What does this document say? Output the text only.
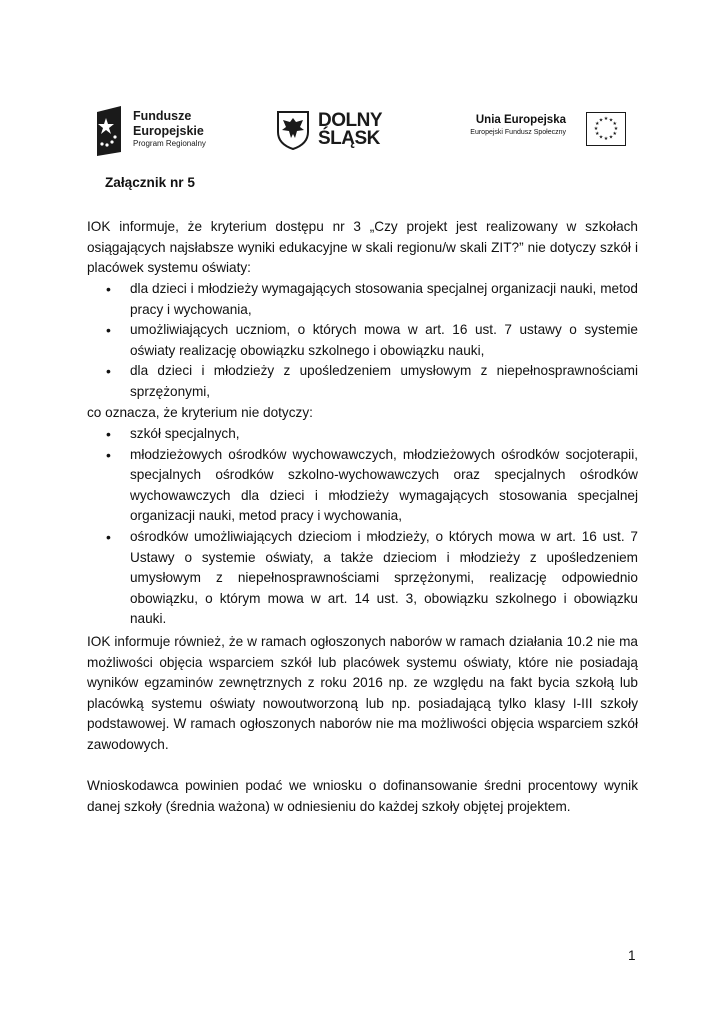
Fundusze
Europejskie
Program Regionalny
DOLNY
ŚLĄSK
Unia Europejska
Europejski Fundusz Społeczny
★ ★
★
★
★
★
★
★
★
★
★
★
Załącznik nr 5
IOK informuje, że kryterium dostępu nr 3 „Czy projekt jest realizowany w szkołach osiągających najsłabsze wyniki edukacyjne w skali regionu/w skali ZIT?” nie dotyczy szkół i placówek systemu oświaty:
• dla dzieci i młodzieży wymagających stosowania specjalnej organizacji nauki, metod pracy i wychowania,
• umożliwiających uczniom, o których mowa w art. 16 ust. 7 ustawy o systemie oświaty realizację obowiązku szkolnego i obowiązku nauki,
• dla dzieci i młodzieży z upośledzeniem umysłowym z niepełnosprawnościami sprzężonymi,
co oznacza, że kryterium nie dotyczy:
• szkół specjalnych,
• młodzieżowych ośrodków wychowawczych, młodzieżowych ośrodków socjoterapii, specjalnych ośrodków szkolno-wychowawczych oraz specjalnych ośrodków wychowawczych dla dzieci i młodzieży wymagających stosowania specjalnej organizacji nauki, metod pracy i wychowania,
• ośrodków umożliwiających dzieciom i młodzieży, o których mowa w art. 16 ust. 7 Ustawy o systemie oświaty, a także dzieciom i młodzieży z upośledzeniem umysłowym z niepełnosprawnościami sprzężonymi, realizację odpowiednio obowiązku, o którym mowa w art. 14 ust. 3, obowiązku szkolnego i obowiązku nauki.
IOK informuje również, że w ramach ogłoszonych naborów w ramach działania 10.2 nie ma możliwości objęcia wsparciem szkół lub placówek systemu oświaty, które nie posiadają wyników egzaminów zewnętrznych z roku 2016 np. ze względu na fakt bycia szkołą lub placówką systemu oświaty nowoutworzoną lub np. posiadającą tylko klasy I-III szkoły podstawowej. W ramach ogłoszonych naborów nie ma możliwości objęcia wsparciem szkół zawodowych.
Wnioskodawca powinien podać we wniosku o dofinansowanie średni procentowy wynik danej szkoły (średnia ważona) w odniesieniu do każdej szkoły objętej projektem.
1
